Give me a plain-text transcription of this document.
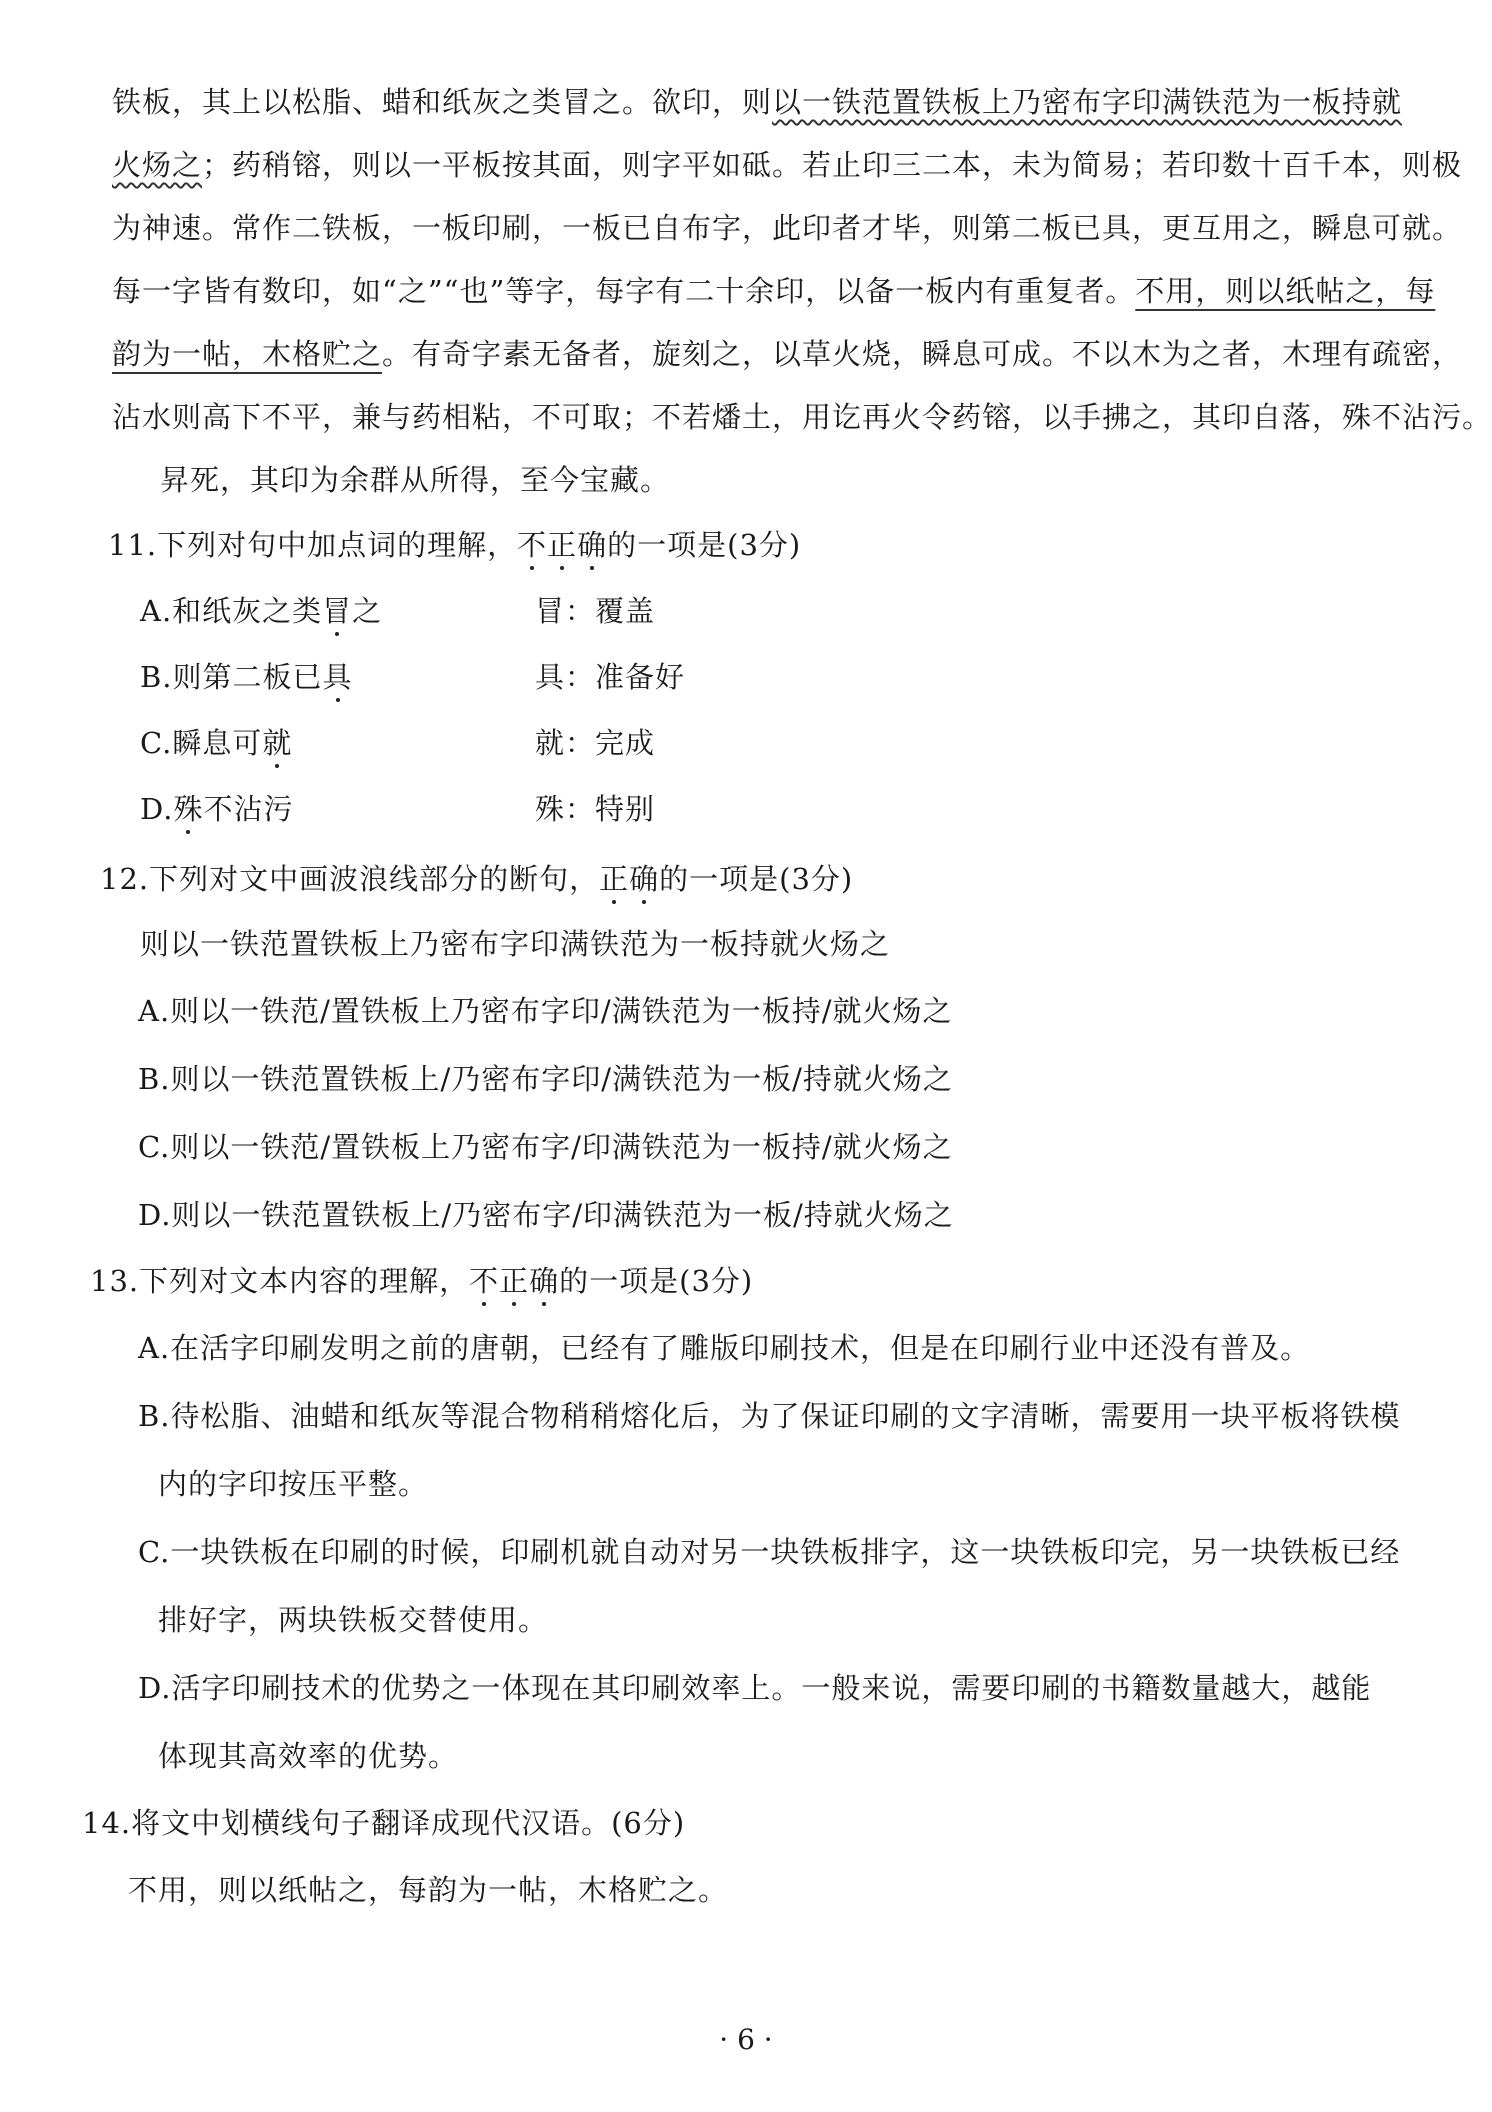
铁板，其上以松脂、蜡和纸灰之类冒之。欲印，则以一铁范置铁板上乃密布字印满铁范为一板持就
火炀之；药稍镕，则以一平板按其面，则字平如砥。若止印三二本，未为简易；若印数十百千本，则极
为神速。常作二铁板，一板印刷，一板已自布字，此印者才毕，则第二板已具，更互用之，瞬息可就。
每一字皆有数印，如“之”“也”等字，每字有二十余印，以备一板内有重复者。不用，则以纸帖之，每
韵为一帖，木格贮之。有奇字素无备者，旋刻之，以草火烧，瞬息可成。不以木为之者，木理有疏密，
沾水则高下不平，兼与药相粘，不可取；不若燔土，用讫再火令药镕，以手拂之，其印自落，殊不沾污。
昇死，其印为余群从所得，至今宝藏。
11.下列对句中加点词的理解，不正确的一项是(3分)
A.和纸灰之类冒之	冒：覆盖
B.则第二板已具	具：准备好
C.瞬息可就	就：完成
D.殊不沾污	殊：特别
12.下列对文中画波浪线部分的断句，正确的一项是(3分)
则以一铁范置铁板上乃密布字印满铁范为一板持就火炀之
A.则以一铁范/置铁板上乃密布字印/满铁范为一板持/就火炀之
B.则以一铁范置铁板上/乃密布字印/满铁范为一板/持就火炀之
C.则以一铁范/置铁板上乃密布字/印满铁范为一板持/就火炀之
D.则以一铁范置铁板上/乃密布字/印满铁范为一板/持就火炀之
13.下列对文本内容的理解，不正确的一项是(3分)
A.在活字印刷发明之前的唐朝，已经有了雕版印刷技术，但是在印刷行业中还没有普及。
B.待松脂、油蜡和纸灰等混合物稍稍熔化后，为了保证印刷的文字清晰，需要用一块平板将铁模
内的字印按压平整。
C.一块铁板在印刷的时候，印刷机就自动对另一块铁板排字，这一块铁板印完，另一块铁板已经
排好字，两块铁板交替使用。
D.活字印刷技术的优势之一体现在其印刷效率上。一般来说，需要印刷的书籍数量越大，越能
体现其高效率的优势。
14.将文中划横线句子翻译成现代汉语。(6分)
不用，则以纸帖之，每韵为一帖，木格贮之。
· 6 ·
